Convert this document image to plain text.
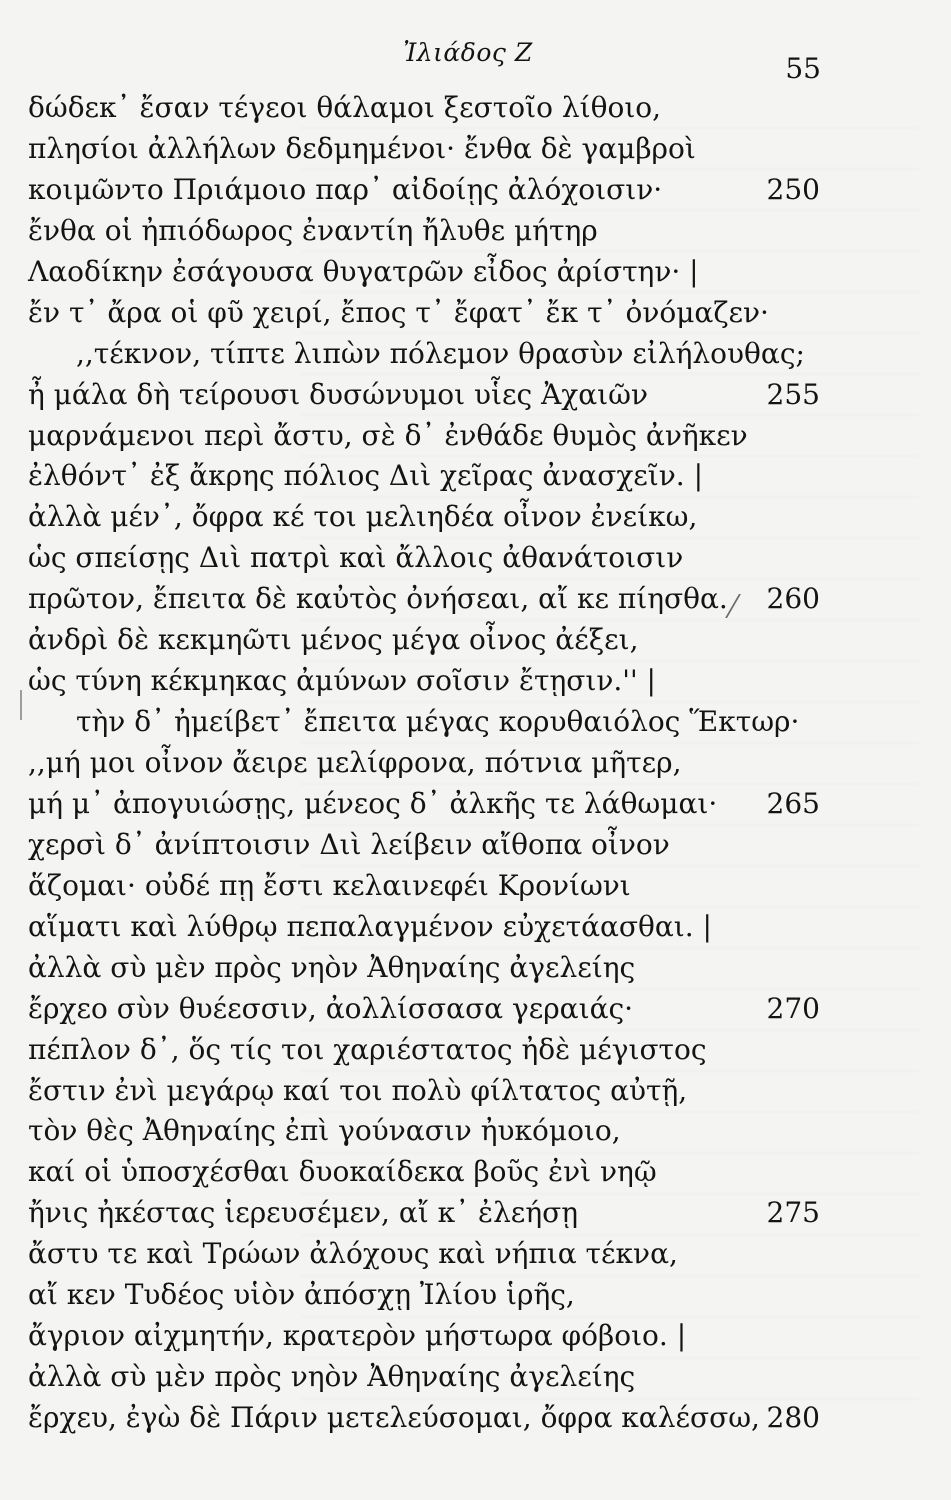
Ἰλιάδος Ζ	55
δώδεκ᾽ ἔσαν τέγεοι θάλαμοι ξεστοῖο λίθοιο,
πλησίοι ἀλλήλων δεδμημένοι· ἔνθα δὲ γαμβροὶ
κοιμῶντο Πριάμοιο παρ᾽ αἰδοίῃς ἀλόχοισιν·	250
ἔνθα οἱ ἠπιόδωρος ἐναντίη ἤλυθε μήτηρ
Λαοδίκην ἐσάγουσα θυγατρῶν εἶδος ἀρίστην· |
ἔν τ᾽ ἄρα οἱ φῦ χειρί, ἔπος τ᾽ ἔφατ᾽ ἔκ τ᾽ ὀνόμαζεν·
,,τέκνον, τίπτε λιπὼν πόλεμον θρασὺν εἰλήλουθας;
ἦ μάλα δὴ τείρουσι δυσώνυμοι υἷες Ἀχαιῶν	255
μαρνάμενοι περὶ ἄστυ, σὲ δ᾽ ἐνθάδε θυμὸς ἀνῆκεν
ἐλθόντ᾽ ἐξ ἄκρης πόλιος Διὶ χεῖρας ἀνασχεῖν. |
ἀλλὰ μέν᾽, ὄφρα κέ τοι μελιηδέα οἶνον ἐνείκω,
ὡς σπείσῃς Διὶ πατρὶ καὶ ἄλλοις ἀθανάτοισιν
πρῶτον, ἔπειτα δὲ καὐτὸς ὀνήσεαι, αἴ κε πίησθα. 260
ἀνδρὶ δὲ κεκμηῶτι μένος μέγα οἶνος ἀέξει,
ὡς τύνη κέκμηκας ἀμύνων σοῖσιν ἔτῃσιν.'' |
τὴν δ᾽ ἠμείβετ᾽ ἔπειτα μέγας κορυθαιόλος Ἕκτωρ·
,,μή μοι οἶνον ἄειρε μελίφρονα, πότνια μῆτερ,
μή μ᾽ ἀπογυιώσῃς, μένεος δ᾽ ἀλκῆς τε λάθωμαι· 265
χερσὶ δ᾽ ἀνίπτοισιν Διὶ λείβειν αἴθοπα οἶνον
ἅζομαι· οὐδέ πῃ ἔστι κελαινεφέι Κρονίωνι
αἵματι καὶ λύθρῳ πεπαλαγμένον εὐχετάασθαι. |
ἀλλὰ σὺ μὲν πρὸς νηὸν Ἀθηναίης ἀγελείης
ἔρχεο σὺν θυέεσσιν, ἀολλίσσασα γεραιάς·	270
πέπλον δ᾽, ὅς τίς τοι χαριέστατος ἠδὲ μέγιστος
ἔστιν ἐνὶ μεγάρῳ καί τοι πολὺ φίλτατος αὐτῇ,
τὸν θὲς Ἀθηναίης ἐπὶ γούνασιν ἠυκόμοιο,
καί οἱ ὑποσχέσθαι δυοκαίδεκα βοῦς ἐνὶ νηῷ
ἤνις ἠκέστας ἱερευσέμεν, αἴ κ᾽ ἐλεήσῃ	275
ἄστυ τε καὶ Τρώων ἀλόχους καὶ νήπια τέκνα,
αἴ κεν Τυδέος υἱὸν ἀπόσχῃ Ἰλίου ἱρῆς,
ἄγριον αἰχμητήν, κρατερὸν μήστωρα φόβοιο. |
ἀλλὰ σὺ μὲν πρὸς νηὸν Ἀθηναίης ἀγελείης
ἔρχευ, ἐγὼ δὲ Πάριν μετελεύσομαι, ὄφρα καλέσσω, 280
